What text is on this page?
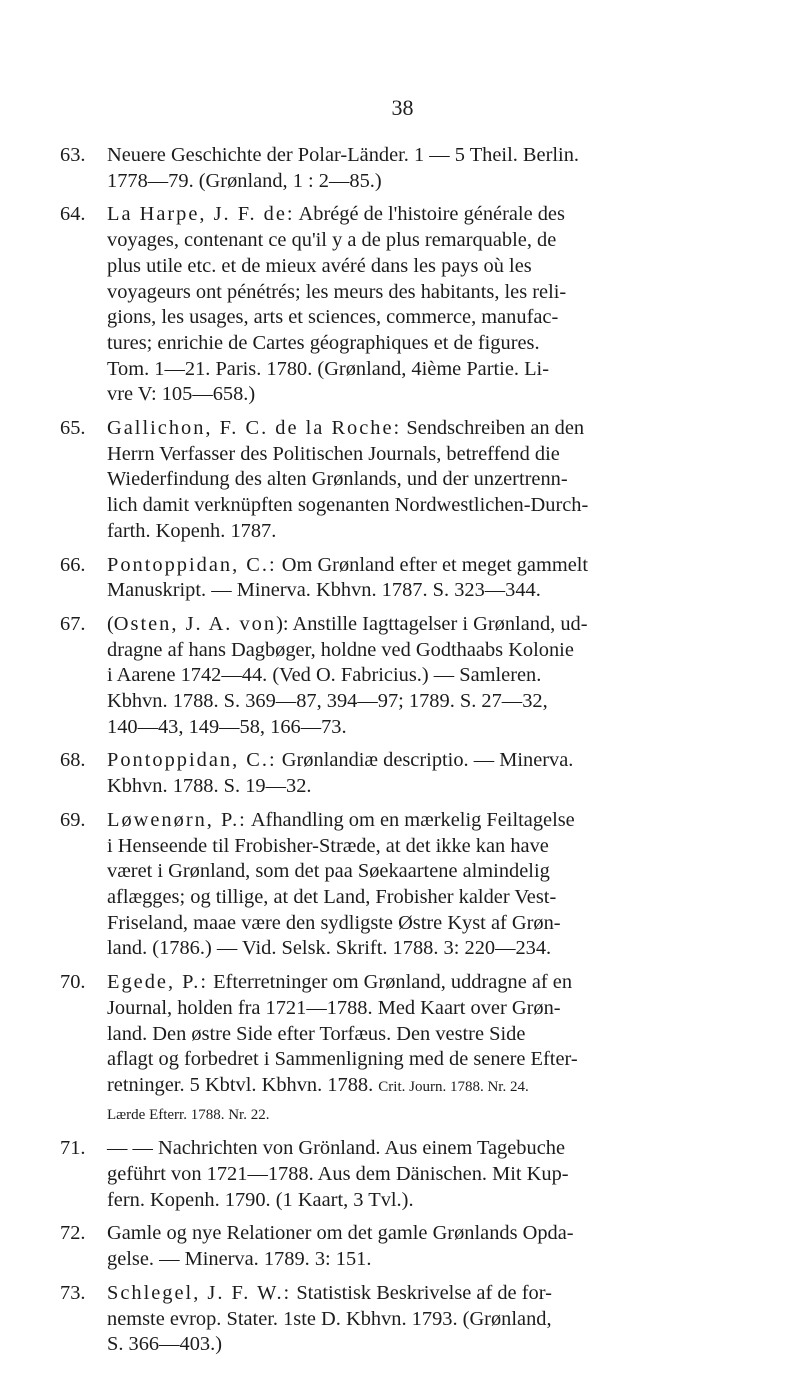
38
63.	Neuere Geschichte der Polar-Länder. 1 — 5 Theil. Berlin.
1778—79. (Grønland, 1 : 2—85.)
64.	La Harpe, J. F. de: Abrégé de l'histoire générale des
voyages, contenant ce qu'il y a de plus remarquable, de
plus utile etc. et de mieux avéré dans les pays où les
voyageurs ont pénétrés; les meurs des habitants, les reli-
gions, les usages, arts et sciences, commerce, manufac-
tures; enrichie de Cartes géographiques et de figures.
Tom. 1—21. Paris. 1780. (Grønland, 4ième Partie. Li-
vre V: 105—658.)
65.	Gallichon, F. C. de la Roche: Sendschreiben an den
Herrn Verfasser des Politischen Journals, betreffend die
Wiederfindung des alten Grønlands, und der unzertrenn-
lich damit verknüpften sogenanten Nordwestlichen-Durch-
farth. Kopenh. 1787.
66.	Pontoppidan, C.: Om Grønland efter et meget gammelt
Manuskript. — Minerva. Kbhvn. 1787. S. 323—344.
67.	(Osten, J. A. von): Anstille Iagttagelser i Grønland, ud-
dragne af hans Dagbøger, holdne ved Godthaabs Kolonie
i Aarene 1742—44. (Ved O. Fabricius.) — Samleren.
Kbhvn. 1788. S. 369—87, 394—97; 1789. S. 27—32,
140—43, 149—58, 166—73.
68.	Pontoppidan, C.: Grønlandiæ descriptio. — Minerva.
Kbhvn. 1788. S. 19—32.
69.	Løwenørn, P.: Afhandling om en mærkelig Feiltagelse
i Henseende til Frobisher-Stræde, at det ikke kan have
været i Grønland, som det paa Søekaartene almindelig
aflægges; og tillige, at det Land, Frobisher kalder Vest-
Friseland, maae være den sydligste Østre Kyst af Grøn-
land. (1786.) — Vid. Selsk. Skrift. 1788. 3: 220—234.
70.	Egede, P.: Efterretninger om Grønland, uddragne af en
Journal, holden fra 1721—1788. Med Kaart over Grøn-
land. Den østre Side efter Torfæus. Den vestre Side
aflagt og forbedret i Sammenligning med de senere Efter-
retninger. 5 Kbtvl. Kbhvn. 1788. Crit. Journ. 1788. Nr. 24.
Lærde Efterr. 1788. Nr. 22.
71.	— — Nachrichten von Grönland. Aus einem Tagebuche
geführt von 1721—1788. Aus dem Dänischen. Mit Kup-
fern. Kopenh. 1790. (1 Kaart, 3 Tvl.).
72.	Gamle og nye Relationer om det gamle Grønlands Opda-
gelse. — Minerva. 1789. 3: 151.
73.	Schlegel, J. F. W.: Statistisk Beskrivelse af de for-
nemste evrop. Stater. 1ste D. Kbhvn. 1793. (Grønland,
S. 366—403.)
